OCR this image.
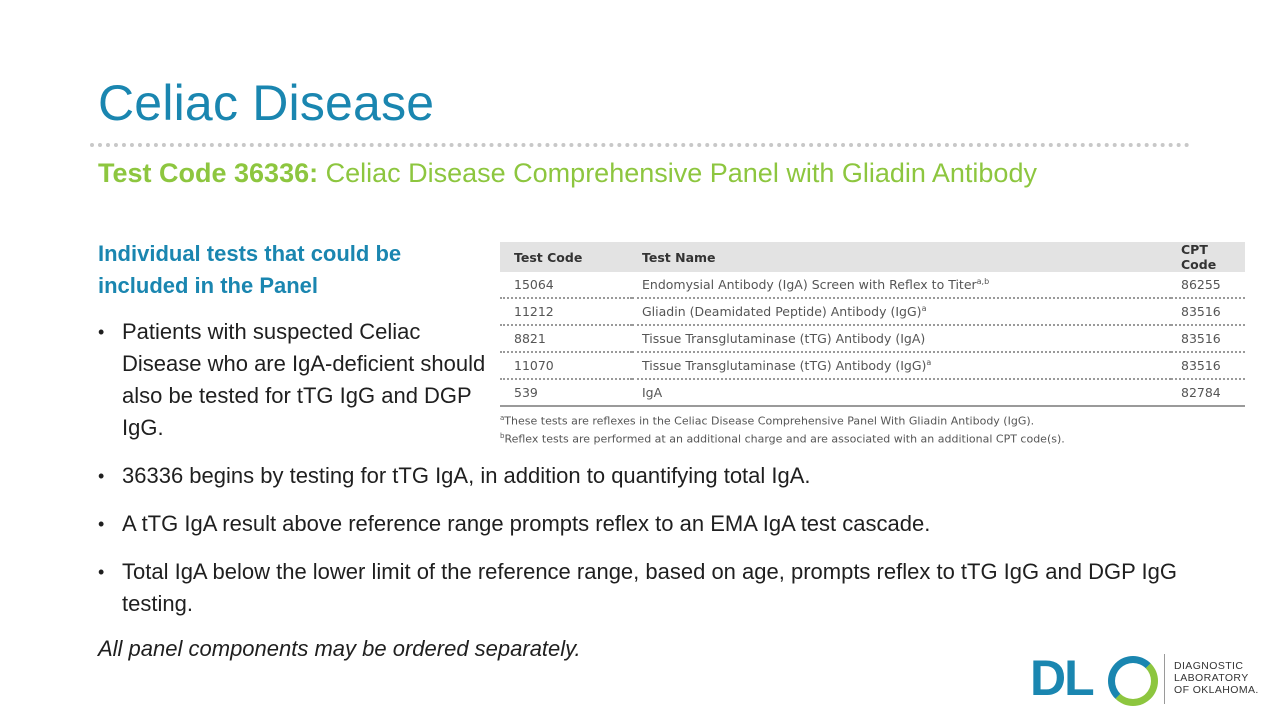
Celiac Disease
Test Code 36336: Celiac Disease Comprehensive Panel with Gliadin Antibody
Individual tests that could be included in the Panel
• Patients with suspected Celiac Disease who are IgA-deficient should also be tested for tTG IgG and DGP IgG.
• 36336 begins by testing for tTG IgA, in addition to quantifying total IgA.
• A tTG IgA result above reference range prompts reflex to an EMA IgA test cascade.
• Total IgA below the lower limit of the reference range, based on age, prompts reflex to tTG IgG and DGP IgG testing.
All panel components may be ordered separately.
Test Code	Test Name	CPT Code
15064	Endomysial Antibody (IgA) Screen with Reflex to Titer$^{a,b}$	86255
11212	Gliadin (Deamidated Peptide) Antibody (IgG)$^a$	83516
8821	Tissue Transglutaminase (tTG) Antibody (IgA)	83516
11070	Tissue Transglutaminase (tTG) Antibody (IgG)$^a$	83516
539	IgA	82784
$^a$These tests are reflexes in the Celiac Disease Comprehensive Panel With Gliadin Antibody (IgG).
$^b$Reflex tests are performed at an additional charge and are associated with an additional CPT code(s).
DL	DIAGNOSTIC
LABORATORY
OF OKLAHOMA.
